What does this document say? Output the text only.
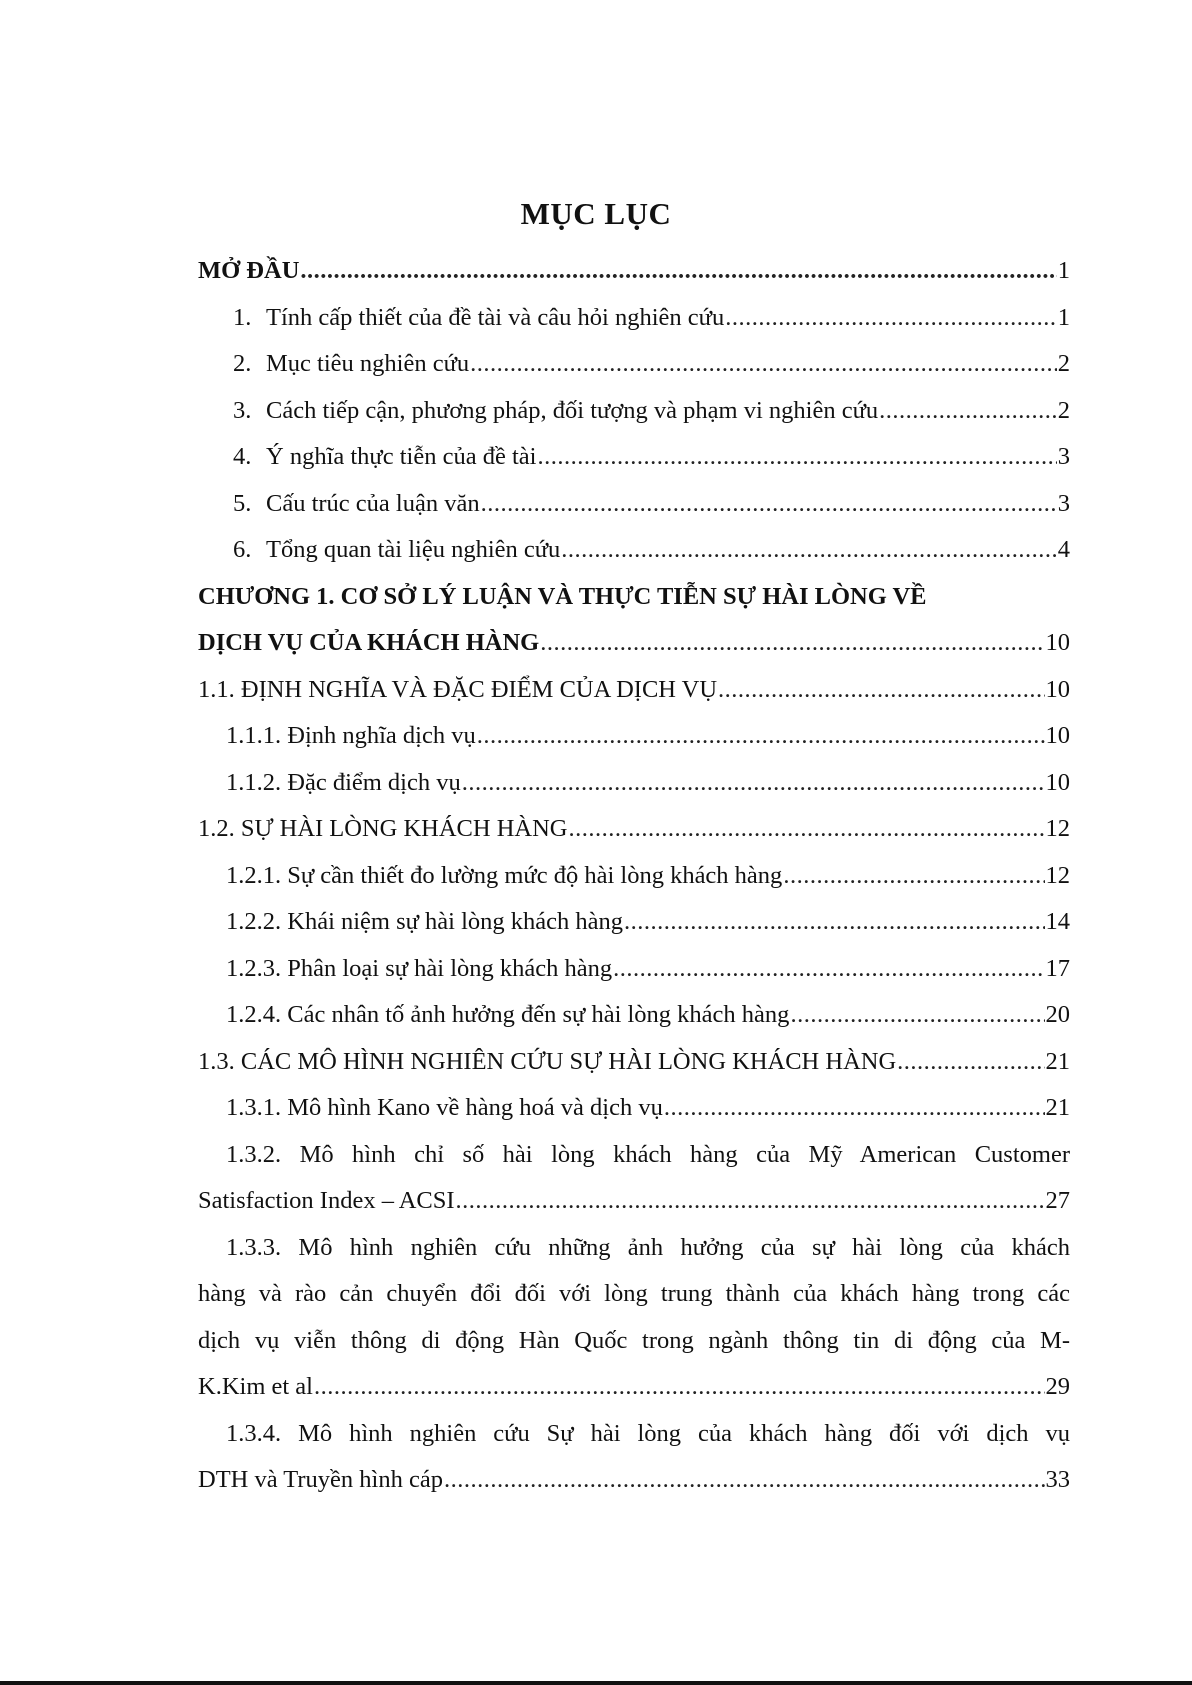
MỤC LỤC
MỞ ĐẦU .....	1
1. Tính cấp thiết của đề tài và câu hỏi nghiên cứu .....	1
2. Mục tiêu nghiên cứu .....	2
3. Cách tiếp cận, phương pháp, đối tượng và phạm vi nghiên cứu .....	2
4. Ý nghĩa thực tiễn của đề tài .....	3
5. Cấu trúc của luận văn .....	3
6. Tổng quan tài liệu nghiên cứu .....	4
CHƯƠNG 1. CƠ SỞ LÝ LUẬN VÀ THỰC TIỄN SỰ HÀI LÒNG VỀ
DỊCH VỤ CỦA KHÁCH HÀNG .....	10
1.1. ĐỊNH NGHĨA VÀ ĐẶC ĐIỂM CỦA DỊCH VỤ .....	10
1.1.1. Định nghĩa dịch vụ .....	10
1.1.2. Đặc điểm dịch vụ .....	10
1.2. SỰ HÀI LÒNG KHÁCH HÀNG .....	12
1.2.1. Sự cần thiết đo lường mức độ hài lòng khách hàng .....	12
1.2.2. Khái niệm sự hài lòng khách hàng .....	14
1.2.3. Phân loại sự hài lòng khách hàng .....	17
1.2.4. Các nhân tố ảnh hưởng đến sự hài lòng khách hàng .....	20
1.3. CÁC MÔ HÌNH NGHIÊN CỨU SỰ HÀI LÒNG KHÁCH HÀNG .....	21
1.3.1. Mô hình Kano về hàng hoá và dịch vụ .....	21
1.3.2. Mô hình chỉ số hài lòng khách hàng của Mỹ American Customer
Satisfaction Index – ACSI .....	27
1.3.3. Mô hình nghiên cứu những ảnh hưởng của sự hài lòng của khách
hàng và rào cản chuyển đổi đối với lòng trung thành của khách hàng trong các
dịch vụ viễn thông di động Hàn Quốc trong ngành thông tin di động của M-
K.Kim et al .....	29
1.3.4. Mô hình nghiên cứu Sự hài lòng của khách hàng đối với dịch vụ
DTH và Truyền hình cáp .....	33
